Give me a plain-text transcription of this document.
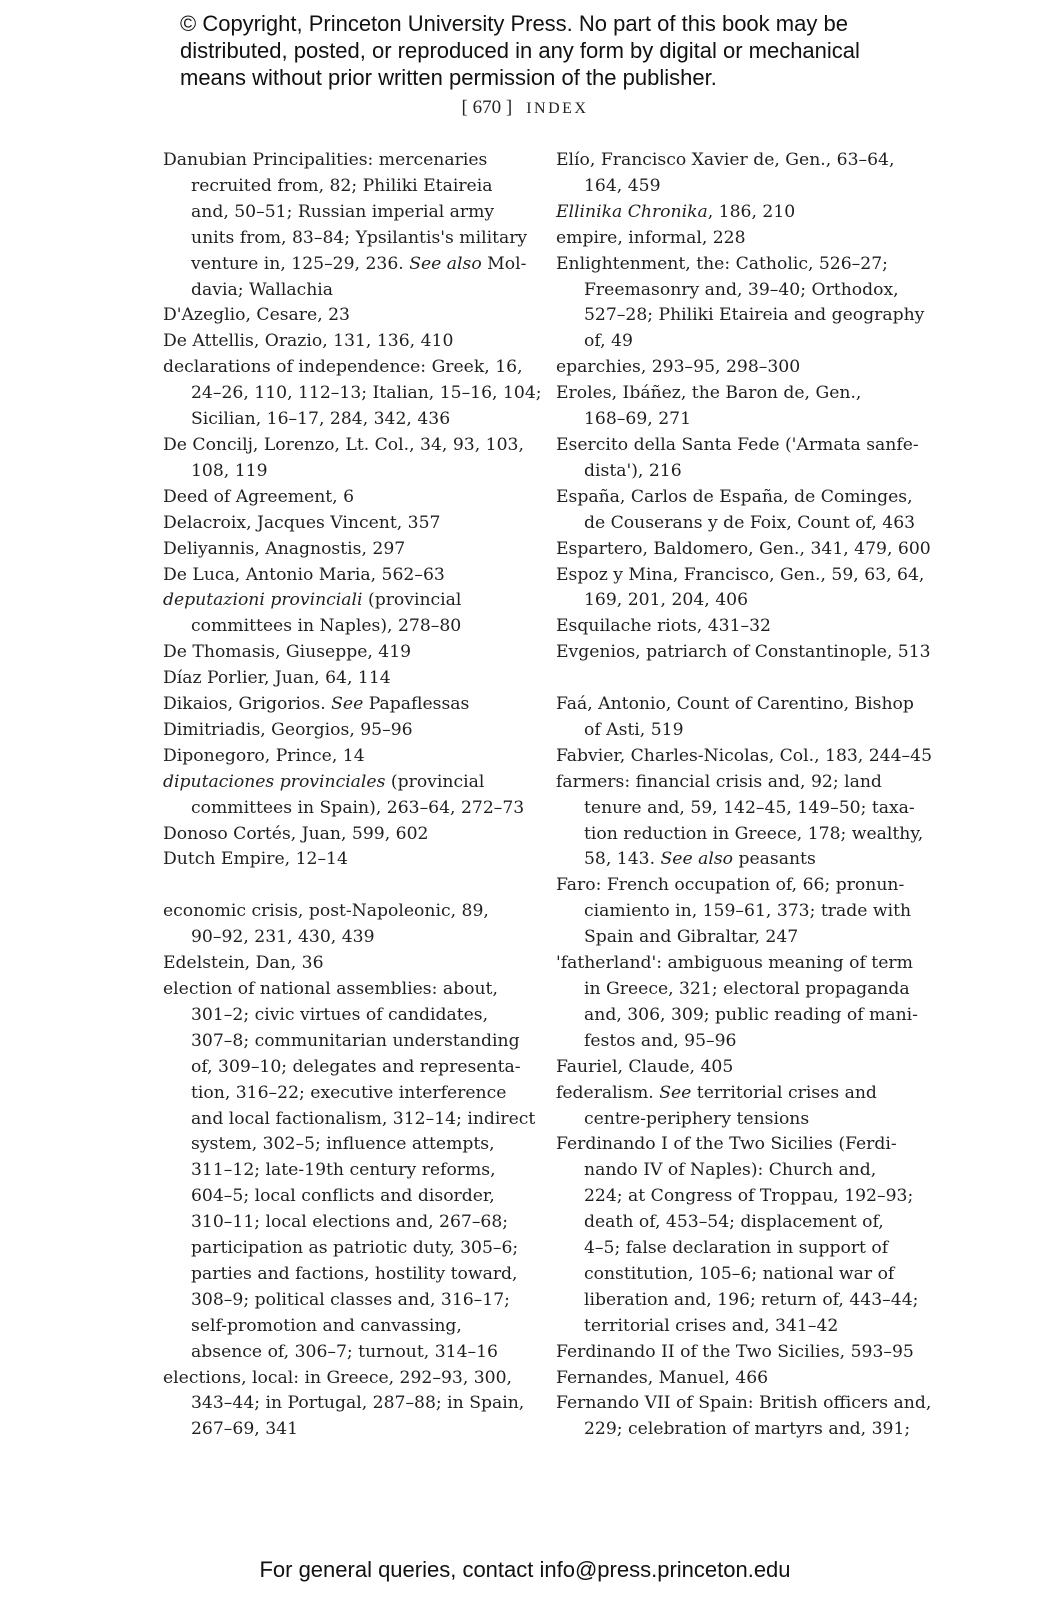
© Copyright, Princeton University Press. No part of this book may be
distributed, posted, or reproduced in any form by digital or mechanical
means without prior written permission of the publisher.
[ 670 ] INDEX
Danubian Principalities: mercenaries
recruited from, 82; Philiki Etaireia
and, 50–51; Russian imperial army
units from, 83–84; Ypsilantis's military
venture in, 125–29, 236. See also Mol-
davia; Wallachia
D'Azeglio, Cesare, 23
De Attellis, Orazio, 131, 136, 410
declarations of independence: Greek, 16,
24–26, 110, 112–13; Italian, 15–16, 104;
Sicilian, 16–17, 284, 342, 436
De Concilj, Lorenzo, Lt. Col., 34, 93, 103,
108, 119
Deed of Agreement, 6
Delacroix, Jacques Vincent, 357
Deliyannis, Anagnostis, 297
De Luca, Antonio Maria, 562–63
deputazioni provinciali (provincial
committees in Naples), 278–80
De Thomasis, Giuseppe, 419
Díaz Porlier, Juan, 64, 114
Dikaios, Grigorios. See Papaflessas
Dimitriadis, Georgios, 95–96
Diponegoro, Prince, 14
diputaciones provinciales (provincial
committees in Spain), 263–64, 272–73
Donoso Cortés, Juan, 599, 602
Dutch Empire, 12–14
economic crisis, post-Napoleonic, 89,
90–92, 231, 430, 439
Edelstein, Dan, 36
election of national assemblies: about,
301–2; civic virtues of candidates,
307–8; communitarian understanding
of, 309–10; delegates and representa-
tion, 316–22; executive interference
and local factionalism, 312–14; indirect
system, 302–5; influence attempts,
311–12; late-19th century reforms,
604–5; local conflicts and disorder,
310–11; local elections and, 267–68;
participation as patriotic duty, 305–6;
parties and factions, hostility toward,
308–9; political classes and, 316–17;
self-promotion and canvassing,
absence of, 306–7; turnout, 314–16
elections, local: in Greece, 292–93, 300,
343–44; in Portugal, 287–88; in Spain,
267–69, 341
Elío, Francisco Xavier de, Gen., 63–64,
164, 459
Ellinika Chronika, 186, 210
empire, informal, 228
Enlightenment, the: Catholic, 526–27;
Freemasonry and, 39–40; Orthodox,
527–28; Philiki Etaireia and geography
of, 49
eparchies, 293–95, 298–300
Eroles, Ibáñez, the Baron de, Gen.,
168–69, 271
Esercito della Santa Fede ('Armata sanfe-
dista'), 216
España, Carlos de España, de Cominges,
de Couserans y de Foix, Count of, 463
Espartero, Baldomero, Gen., 341, 479, 600
Espoz y Mina, Francisco, Gen., 59, 63, 64,
169, 201, 204, 406
Esquilache riots, 431–32
Evgenios, patriarch of Constantinople, 513
Faá, Antonio, Count of Carentino, Bishop
of Asti, 519
Fabvier, Charles-Nicolas, Col., 183, 244–45
farmers: financial crisis and, 92; land
tenure and, 59, 142–45, 149–50; taxa-
tion reduction in Greece, 178; wealthy,
58, 143. See also peasants
Faro: French occupation of, 66; pronun-
ciamiento in, 159–61, 373; trade with
Spain and Gibraltar, 247
'fatherland': ambiguous meaning of term
in Greece, 321; electoral propaganda
and, 306, 309; public reading of mani-
festos and, 95–96
Fauriel, Claude, 405
federalism. See territorial crises and
centre-periphery tensions
Ferdinando I of the Two Sicilies (Ferdi-
nando IV of Naples): Church and,
224; at Congress of Troppau, 192–93;
death of, 453–54; displacement of,
4–5; false declaration in support of
constitution, 105–6; national war of
liberation and, 196; return of, 443–44;
territorial crises and, 341–42
Ferdinando II of the Two Sicilies, 593–95
Fernandes, Manuel, 466
Fernando VII of Spain: British officers and,
229; celebration of martyrs and, 391;
For general queries, contact info@press.princeton.edu
